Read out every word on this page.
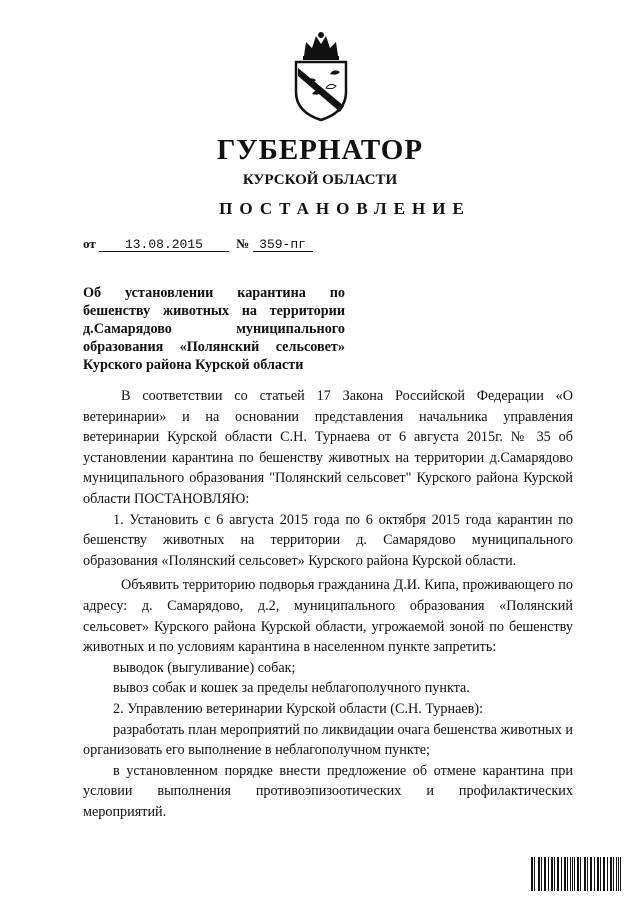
ГУБЕРНАТОР
КУРСКОЙ ОБЛАСТИ
ПОСТАНОВЛЕНИЕ
от 13.08.2015	№ 359-пг
Об установлении карантина по
бешенству животных на территории
д.Самарядово муниципального
образования «Полянский сельсовет»
Курского района Курской области

В соответствии со статьей 17 Закона Российской Федерации «О ветеринарии» и на основании представления начальника управления ветеринарии Курской области С.Н. Турнаева от 6 августа 2015г. № 35 об установлении карантина по бешенству животных на территории д.Самарядово муниципального образования "Полянский сельсовет" Курского района Курской области ПОСТАНОВЛЯЮ:

1. Установить с 6 августа 2015 года по 6 октября 2015 года карантин по бешенству животных на территории д. Самарядово муниципального образования «Полянский сельсовет» Курского района Курской области.

Объявить территорию подворья гражданина Д.И. Кипа, проживающего по адресу: д. Самарядово, д.2, муниципального образования «Полянский сельсовет» Курского района Курской области, угрожаемой зоной по бешенству животных и по условиям карантина в населенном пункте запретить:

выводок (выгуливание) собак;

вывоз собак и кошек за пределы неблагополучного пункта.

2. Управлению ветеринарии Курской области (С.Н. Турнаев):

разработать план мероприятий по ликвидации очага бешенства животных и организовать его выполнение в неблагополучном пункте;

в установленном порядке внести предложение об отмене карантина при условии выполнения противоэпизоотических и профилактических мероприятий.
